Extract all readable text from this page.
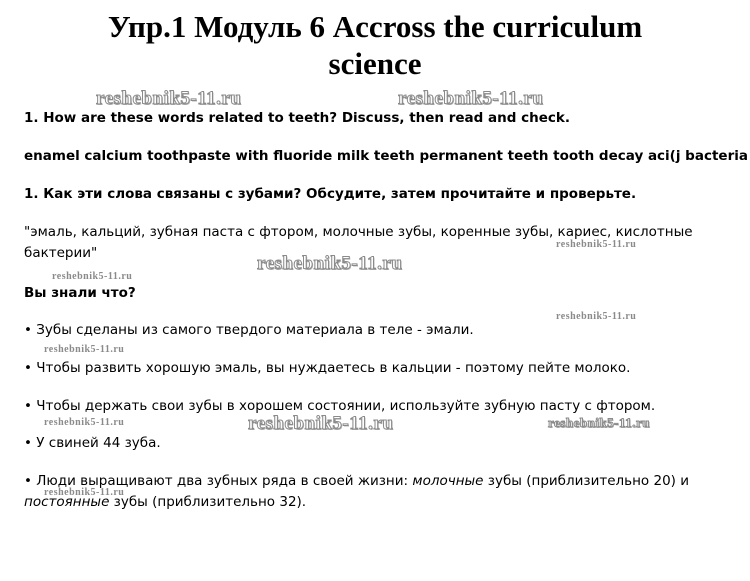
Упр.1 Модуль 6 Accross the curriculum
science
1. How are these words related to teeth? Discuss, then read and check.
enamel calcium toothpaste with fluoride milk teeth permanent teeth tooth decay aci(j bacteria
1. Как эти слова связаны с зубами? Обсудите, затем прочитайте и проверьте.
"эмаль, кальций, зубная паста с фтором, молочные зубы, коренные зубы, кариес, кислотные
бактерии"
Вы знали что?
• Зубы сделаны из самого твердого материала в теле - эмали.
• Чтобы развить хорошую эмаль, вы нуждаетесь в кальции - поэтому пейте молоко.
• Чтобы держать свои зубы в хорошем состоянии, используйте зубную пасту с фтором.
• У свиней 44 зуба.
• Люди выращивают два зубных ряда в своей жизни: молочные зубы (приблизительно 20) и
постоянные зубы (приблизительно 32).
reshebnik5-11.ru	reshebnik5-11.ru
reshebnik5-11.ru
reshebnik5-11.ru
reshebnik5-11.ru
reshebnik5-11.ru
reshebnik5-11.ru
reshebnik5-11.ru
reshebnik5-11.ru
reshebnik5-11.ru
reshebnik5-11.ru
